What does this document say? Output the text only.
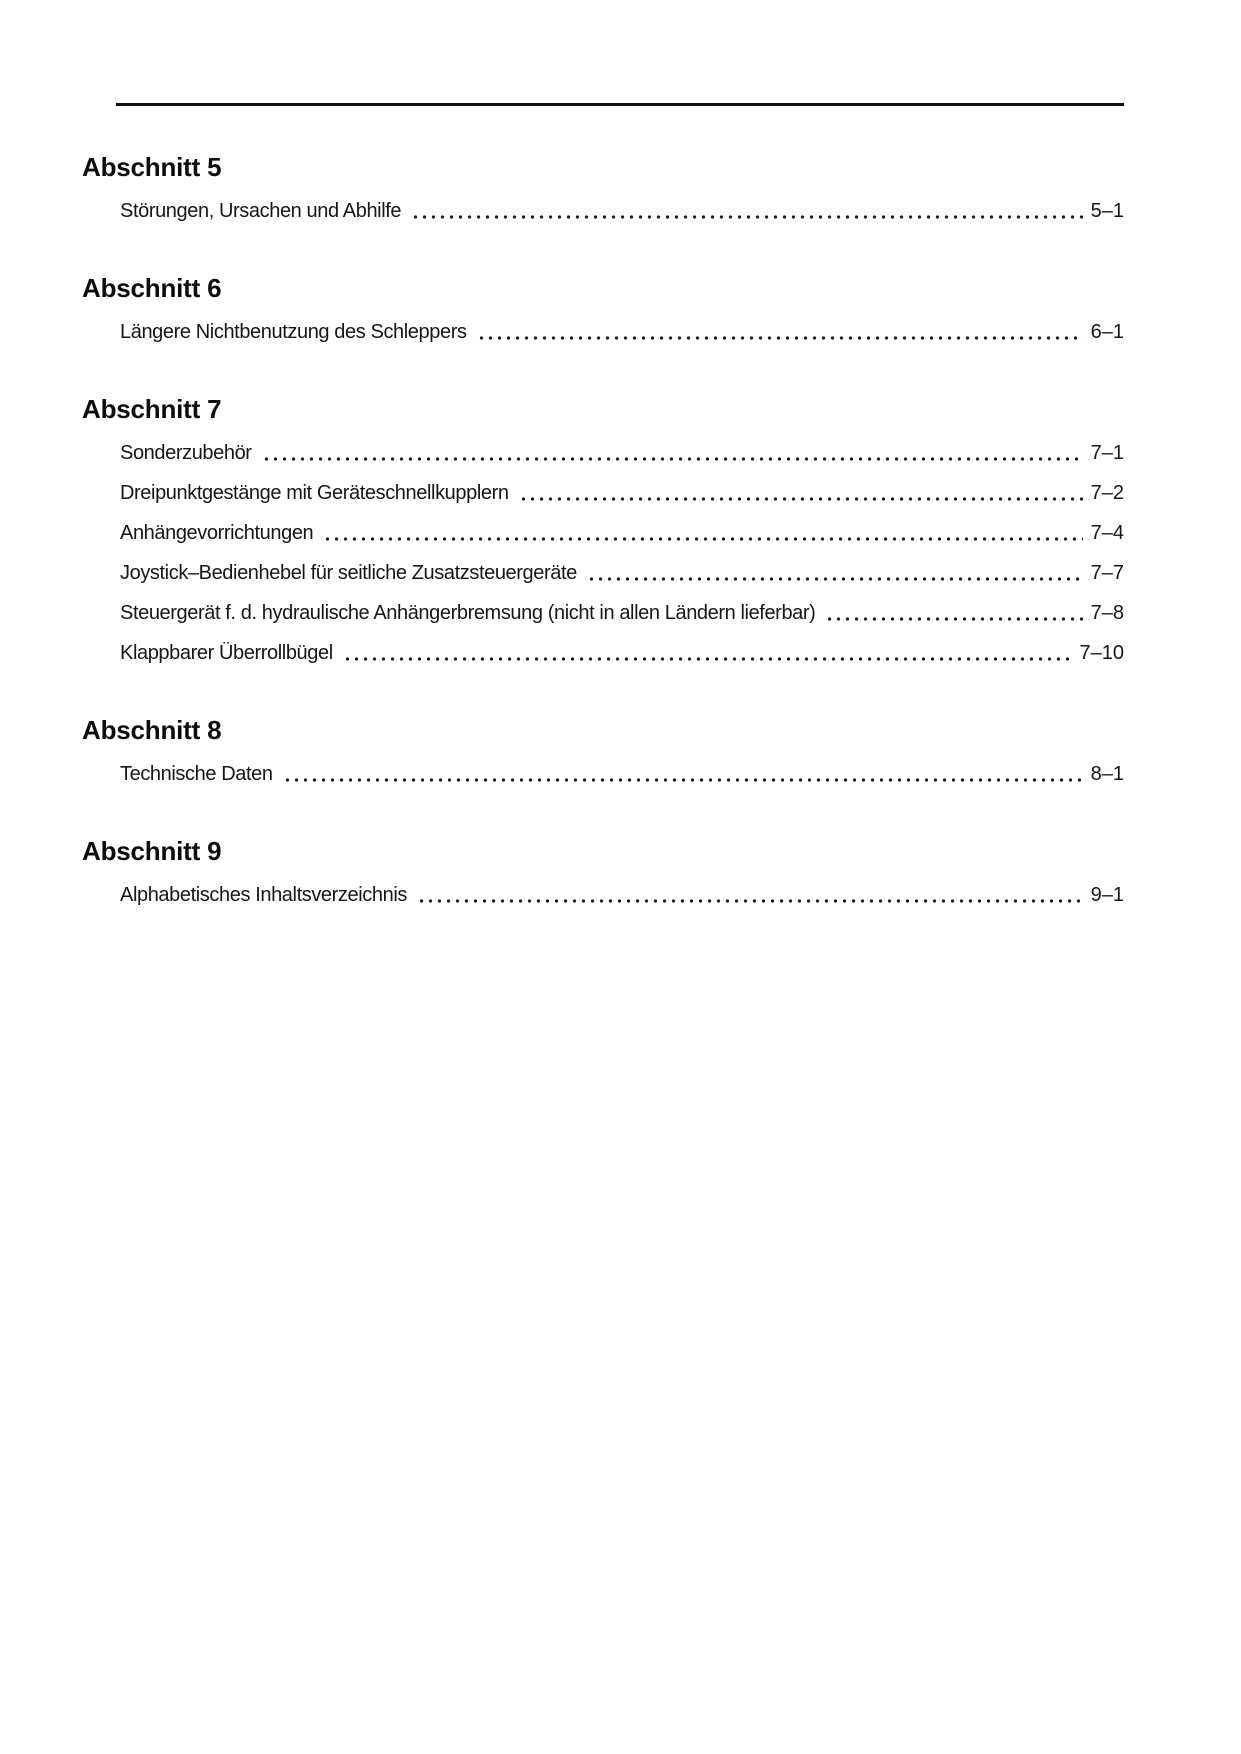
Abschnitt 5
Störungen, Ursachen und Abhilfe	5–1
Abschnitt 6
Längere Nichtbenutzung des Schleppers	6–1
Abschnitt 7
Sonderzubehör	7–1
Dreipunktgestänge mit Geräteschnellkupplern	7–2
Anhängevorrichtungen	7–4
Joystick–Bedienhebel für seitliche Zusatzsteuergeräte	7–7
Steuergerät f. d. hydraulische Anhängerbremsung (nicht in allen Ländern lieferbar)	7–8
Klappbarer Überrollbügel	7–10
Abschnitt 8
Technische Daten	8–1
Abschnitt 9
Alphabetisches Inhaltsverzeichnis	9–1
